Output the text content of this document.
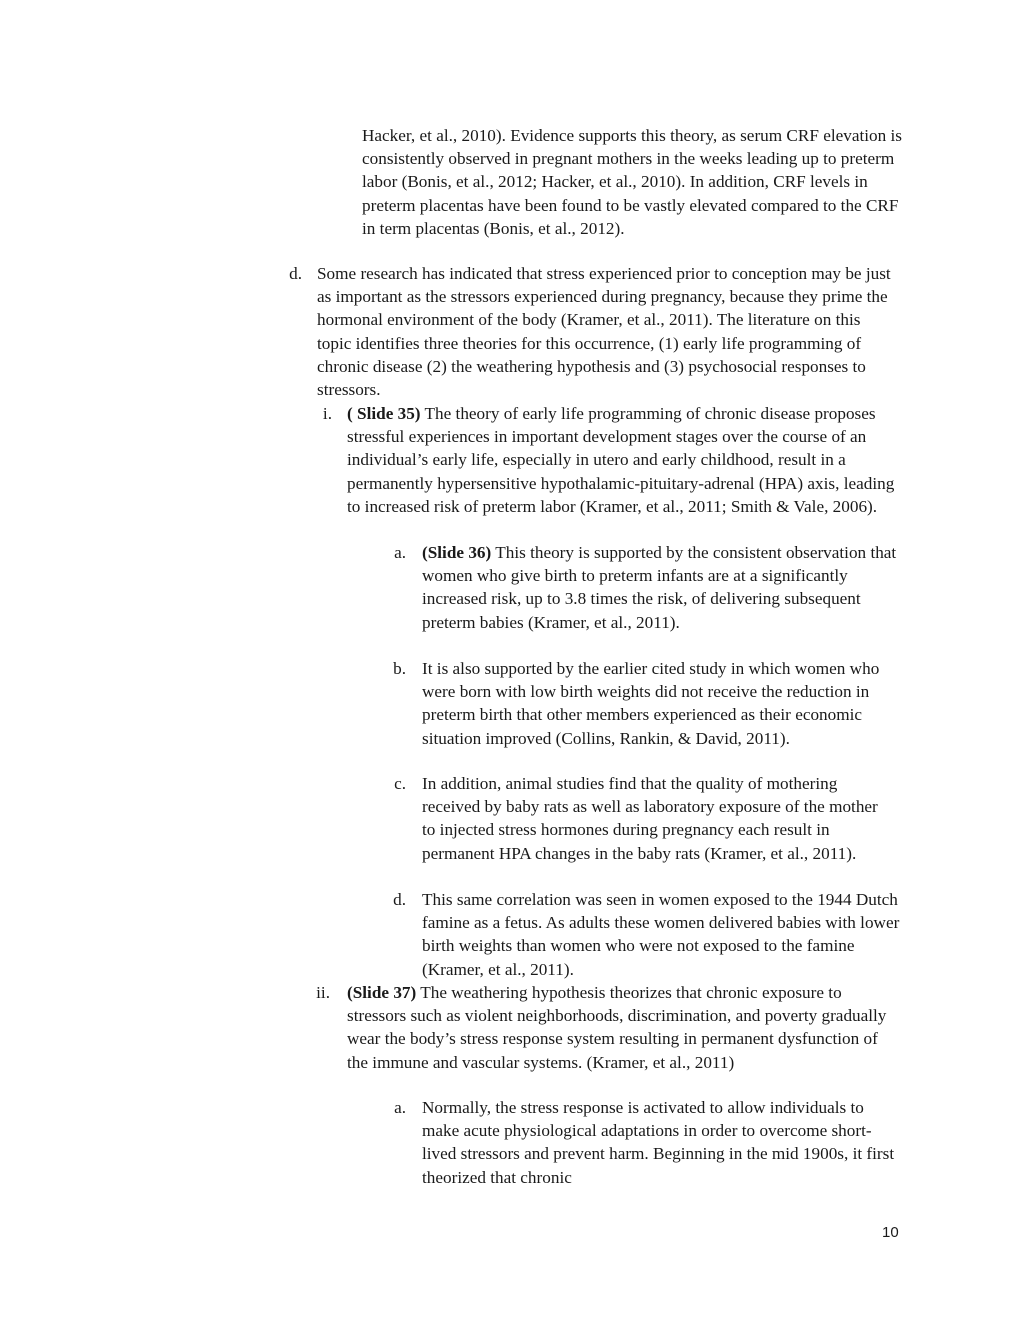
Hacker, et al., 2010). Evidence supports this theory, as serum CRF elevation is consistently observed in pregnant mothers in the weeks leading up to preterm labor (Bonis, et al., 2012; Hacker, et al., 2010). In addition, CRF levels in preterm placentas have been found to be vastly elevated compared to the CRF in term placentas (Bonis, et al., 2012).

d. Some research has indicated that stress experienced prior to conception may be just as important as the stressors experienced during pregnancy, because they prime the hormonal environment of the body (Kramer, et al., 2011). The literature on this topic identifies three theories for this occurrence, (1) early life programming of chronic disease (2) the weathering hypothesis and (3) psychosocial responses to stressors.

i. ( Slide 35) The theory of early life programming of chronic disease proposes stressful experiences in important development stages over the course of an individual’s early life, especially in utero and early childhood, result in a permanently hypersensitive hypothalamic-pituitary-adrenal (HPA) axis, leading to increased risk of preterm labor (Kramer, et al., 2011; Smith & Vale, 2006).

a. (Slide 36) This theory is supported by the consistent observation that women who give birth to preterm infants are at a significantly increased risk, up to 3.8 times the risk, of delivering subsequent preterm babies (Kramer, et al., 2011).

b. It is also supported by the earlier cited study in which women who were born with low birth weights did not receive the reduction in preterm birth that other members experienced as their economic situation improved (Collins, Rankin, & David, 2011).

c. In addition, animal studies find that the quality of mothering received by baby rats as well as laboratory exposure of the mother to injected stress hormones during pregnancy each result in permanent HPA changes in the baby rats (Kramer, et al., 2011).

d. This same correlation was seen in women exposed to the 1944 Dutch famine as a fetus. As adults these women delivered babies with lower birth weights than women who were not exposed to the famine (Kramer, et al., 2011).

ii. (Slide 37) The weathering hypothesis theorizes that chronic exposure to stressors such as violent neighborhoods, discrimination, and poverty gradually wear the body’s stress response system resulting in permanent dysfunction of the immune and vascular systems. (Kramer, et al., 2011)

a. Normally, the stress response is activated to allow individuals to make acute physiological adaptations in order to overcome short-lived stressors and prevent harm. Beginning in the mid 1900s, it first theorized that chronic

10
